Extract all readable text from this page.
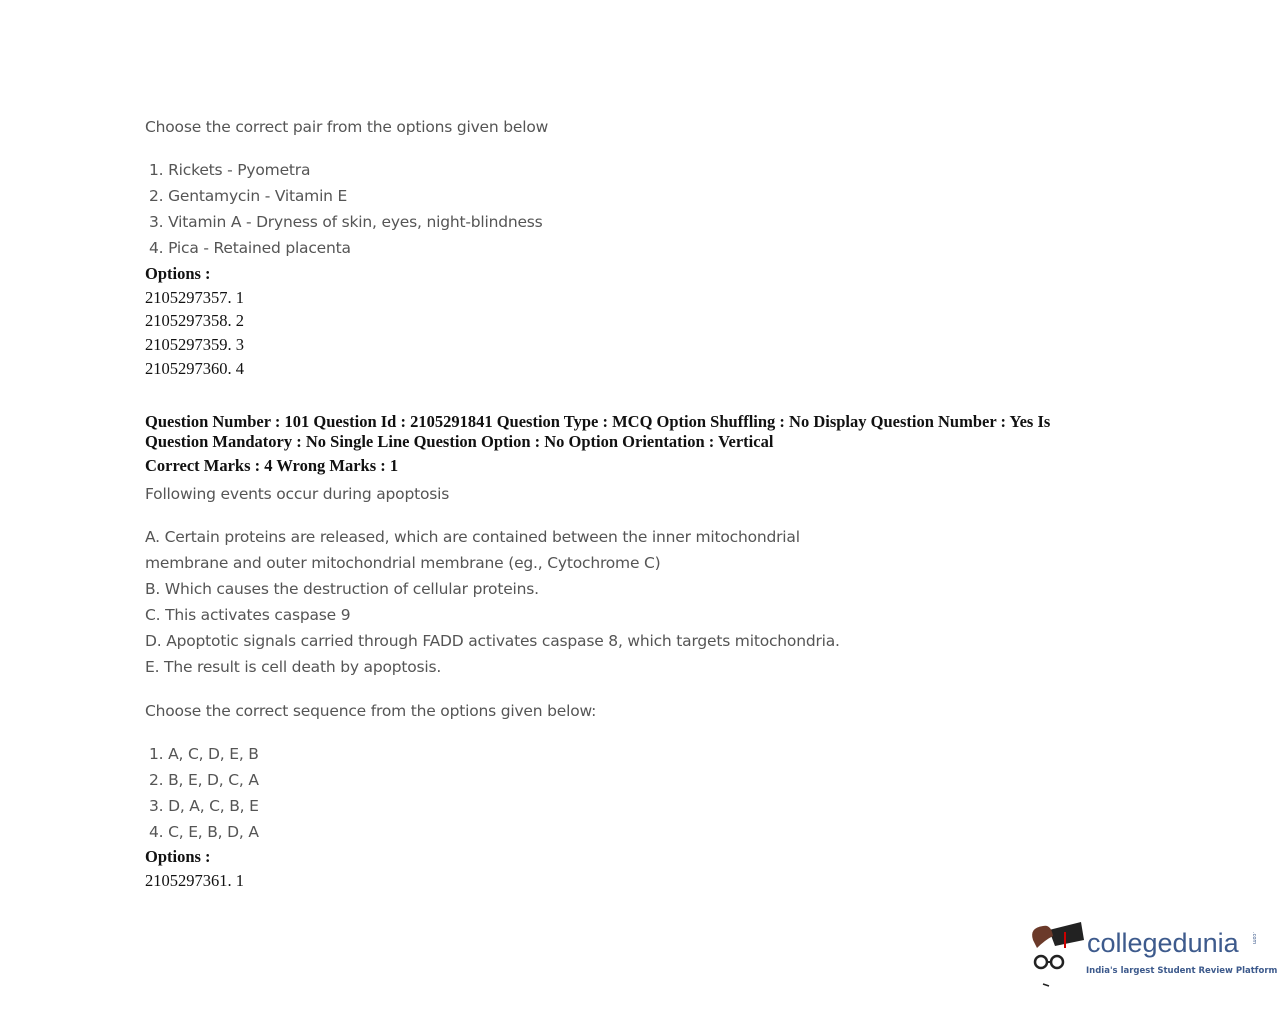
Choose the correct pair from the options given below
1. Rickets - Pyometra
2. Gentamycin - Vitamin E
3. Vitamin A - Dryness of skin, eyes, night-blindness
4. Pica - Retained placenta
Options :
2105297357. 1
2105297358. 2
2105297359. 3
2105297360. 4
Question Number : 101 Question Id : 2105291841 Question Type : MCQ Option Shuffling : No Display Question Number : Yes Is
Question Mandatory : No Single Line Question Option : No Option Orientation : Vertical
Correct Marks : 4 Wrong Marks : 1
Following events occur during apoptosis
A. Certain proteins are released, which are contained between the inner mitochondrial
membrane and outer mitochondrial membrane (eg., Cytochrome C)
B. Which causes the destruction of cellular proteins.
C. This activates caspase 9
D. Apoptotic signals carried through FADD activates caspase 8, which targets mitochondria.
E. The result is cell death by apoptosis.
Choose the correct sequence from the options given below:
1. A, C, D, E, B
2. B, E, D, C, A
3. D, A, C, B, E
4. C, E, B, D, A
Options :
2105297361. 1
collegedunia .com
India's largest Student Review Platform
